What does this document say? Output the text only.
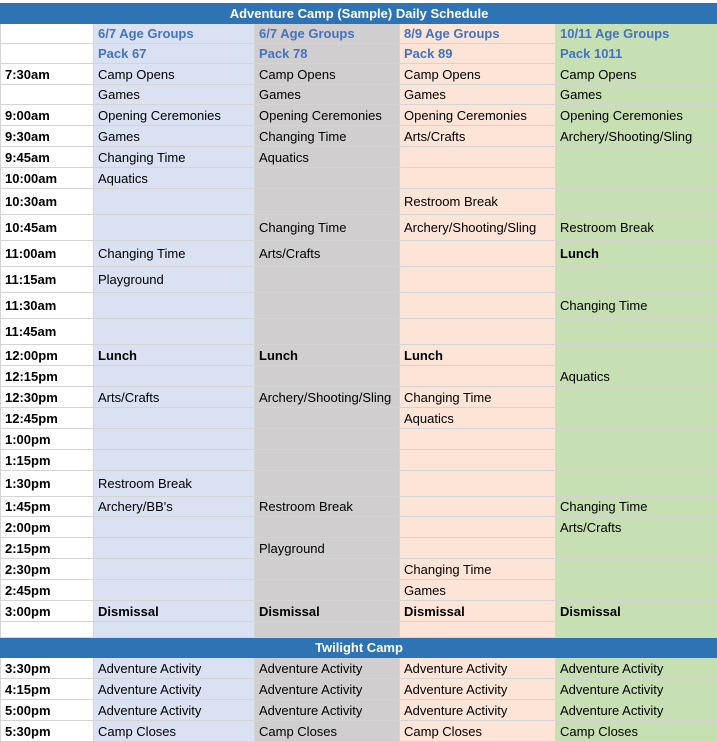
Adventure Camp (Sample) Daily Schedule				
	6/7 Age Groups	6/7 Age Groups	8/9 Age Groups	10/11 Age Groups
	Pack 67	Pack 78	Pack 89	Pack 1011
7:30am	Camp Opens	Camp Opens	Camp Opens	Camp Opens
	Games	Games	Games	Games
9:00am	Opening Ceremonies	Opening Ceremonies	Opening Ceremonies	Opening Ceremonies
9:30am	Games	Changing Time	Arts/Crafts	Archery/Shooting/Sling
9:45am	Changing Time	Aquatics		
10:00am	Aquatics			
10:30am			Restroom Break	
10:45am		Changing Time	Archery/Shooting/Sling	Restroom Break
11:00am	Changing Time	Arts/Crafts		Lunch
11:15am	Playground			
11:30am				Changing Time
11:45am				
12:00pm	Lunch	Lunch	Lunch	
12:15pm				Aquatics
12:30pm	Arts/Crafts	Archery/Shooting/Sling	Changing Time	
12:45pm			Aquatics	
1:00pm				
1:15pm				
1:30pm	Restroom Break			
1:45pm	Archery/BB's	Restroom Break		Changing Time
2:00pm				Arts/Crafts
2:15pm		Playground		
2:30pm			Changing Time	
2:45pm			Games	
3:00pm	Dismissal	Dismissal	Dismissal	Dismissal

Twilight Camp				
3:30pm	Adventure Activity	Adventure Activity	Adventure Activity	Adventure Activity
4:15pm	Adventure Activity	Adventure Activity	Adventure Activity	Adventure Activity
5:00pm	Adventure Activity	Adventure Activity	Adventure Activity	Adventure Activity
5:30pm	Camp Closes	Camp Closes	Camp Closes	Camp Closes
